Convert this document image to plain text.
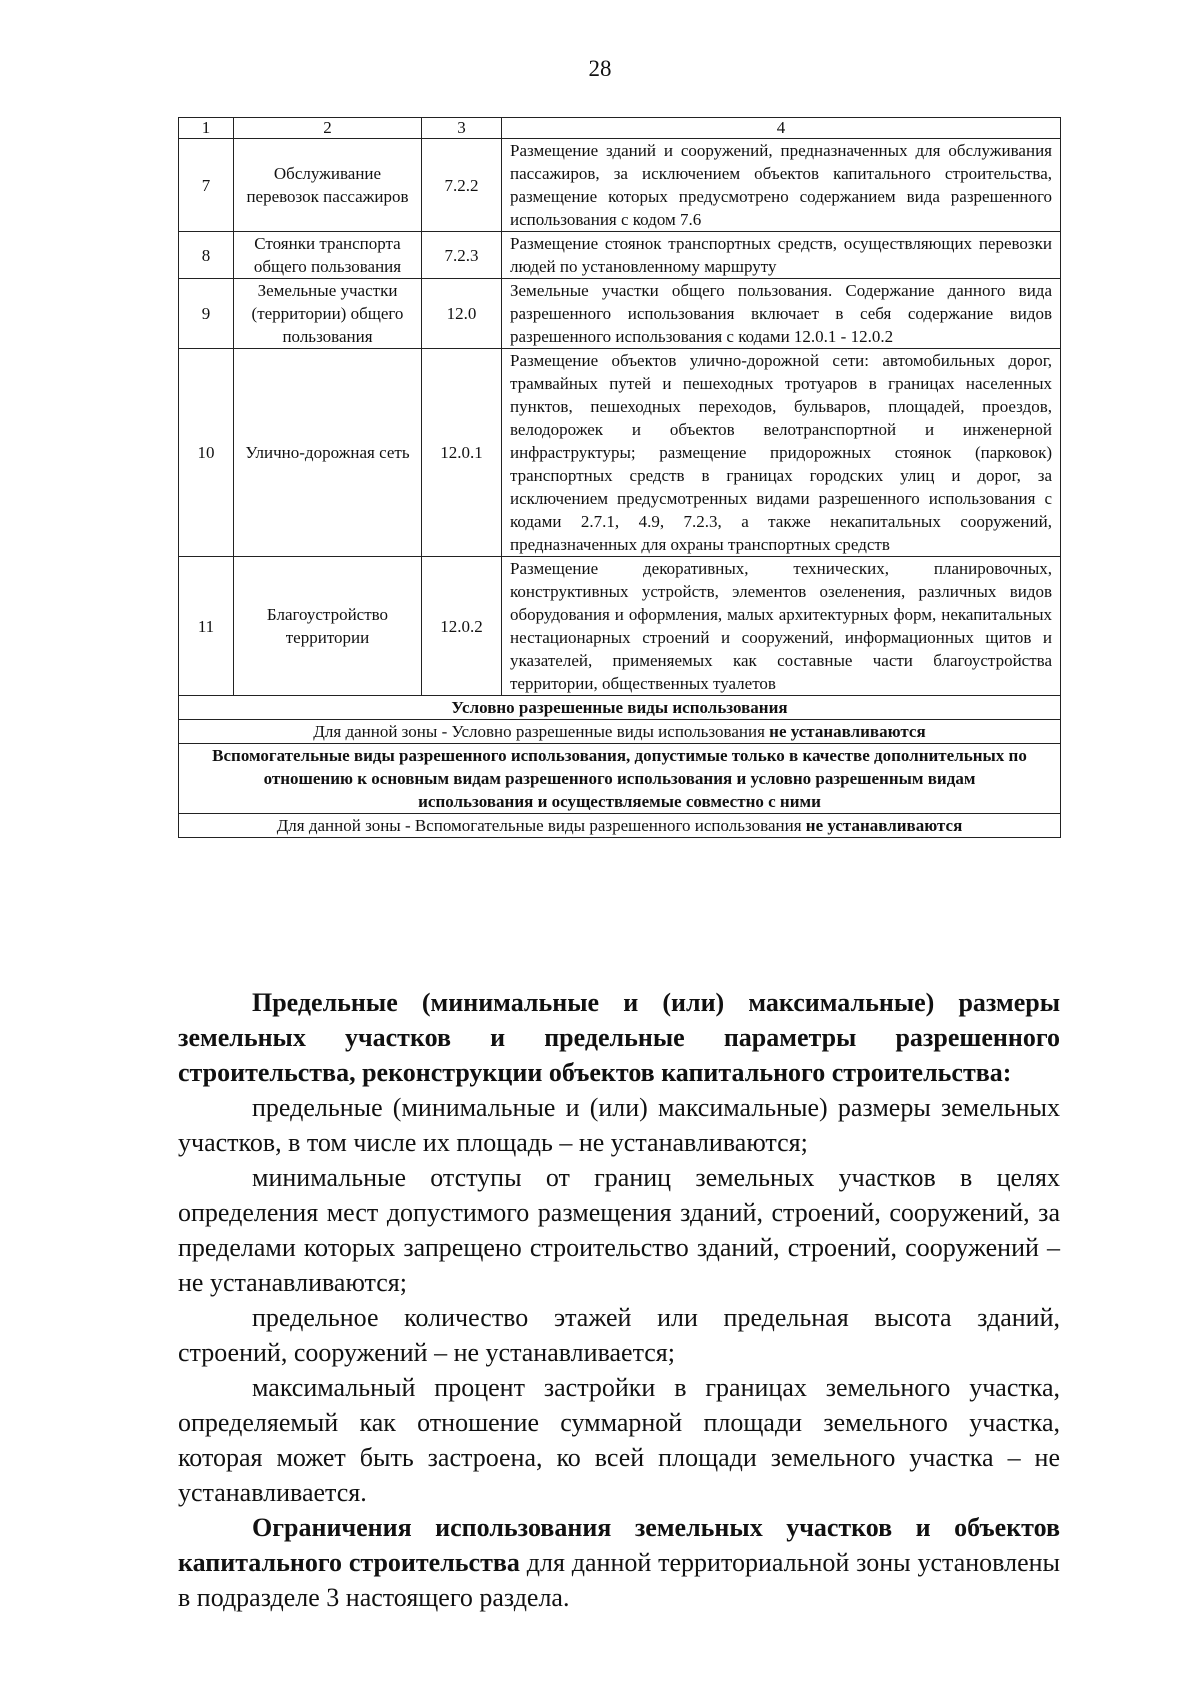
28
1	2	3	4
7	Обслуживание перевозок пассажиров	7.2.2	Размещение зданий и сооружений, предназначенных для обслуживания пассажиров, за исключением объектов капитального строительства, размещение которых предусмотрено содержанием вида разрешенного использования с кодом 7.6
8	Стоянки транспорта общего пользования	7.2.3	Размещение стоянок транспортных средств, осуществляющих перевозки людей по установленному маршруту
9	Земельные участки (территории) общего пользования	12.0	Земельные участки общего пользования. Содержание данного вида разрешенного использования включает в себя содержание видов разрешенного использования с кодами 12.0.1 - 12.0.2
10	Улично-дорожная сеть	12.0.1	Размещение объектов улично-дорожной сети: автомобильных дорог, трамвайных путей и пешеходных тротуаров в границах населенных пунктов, пешеходных переходов, бульваров, площадей, проездов, велодорожек и объектов велотранспортной и инженерной инфраструктуры; размещение придорожных стоянок (парковок) транспортных средств в границах городских улиц и дорог, за исключением предусмотренных видами разрешенного использования с кодами 2.7.1, 4.9, 7.2.3, а также некапитальных сооружений, предназначенных для охраны транспортных средств
11	Благоустройство территории	12.0.2	Размещение декоративных, технических, планировочных, конструктивных устройств, элементов озеленения, различных видов оборудования и оформления, малых архитектурных форм, некапитальных нестационарных строений и сооружений, информационных щитов и указателей, применяемых как составные части благоустройства территории, общественных туалетов
Условно разрешенные виды использования			
Для данной зоны - Условно разрешенные виды использования не устанавливаются			
Вспомогательные виды разрешенного использования, допустимые только в качестве дополнительных по отношению к основным видам разрешенного использования и условно разрешенным видам использования и осуществляемые совместно с ними			
Для данной зоны - Вспомогательные виды разрешенного использования не устанавливаются			

Предельные (минимальные и (или) максимальные) размеры земельных участков и предельные параметры разрешенного строительства, реконструкции объектов капитального строительства:

предельные (минимальные и (или) максимальные) размеры земельных участков, в том числе их площадь – не устанавливаются;

минимальные отступы от границ земельных участков в целях определения мест допустимого размещения зданий, строений, сооружений, за пределами которых запрещено строительство зданий, строений, сооружений – не устанавливаются;

предельное количество этажей или предельная высота зданий, строений, сооружений – не устанавливается;

максимальный процент застройки в границах земельного участка, определяемый как отношение суммарной площади земельного участка, которая может быть застроена, ко всей площади земельного участка – не устанавливается.

Ограничения использования земельных участков и объектов капитального строительства для данной территориальной зоны установлены в подразделе 3 настоящего раздела.
